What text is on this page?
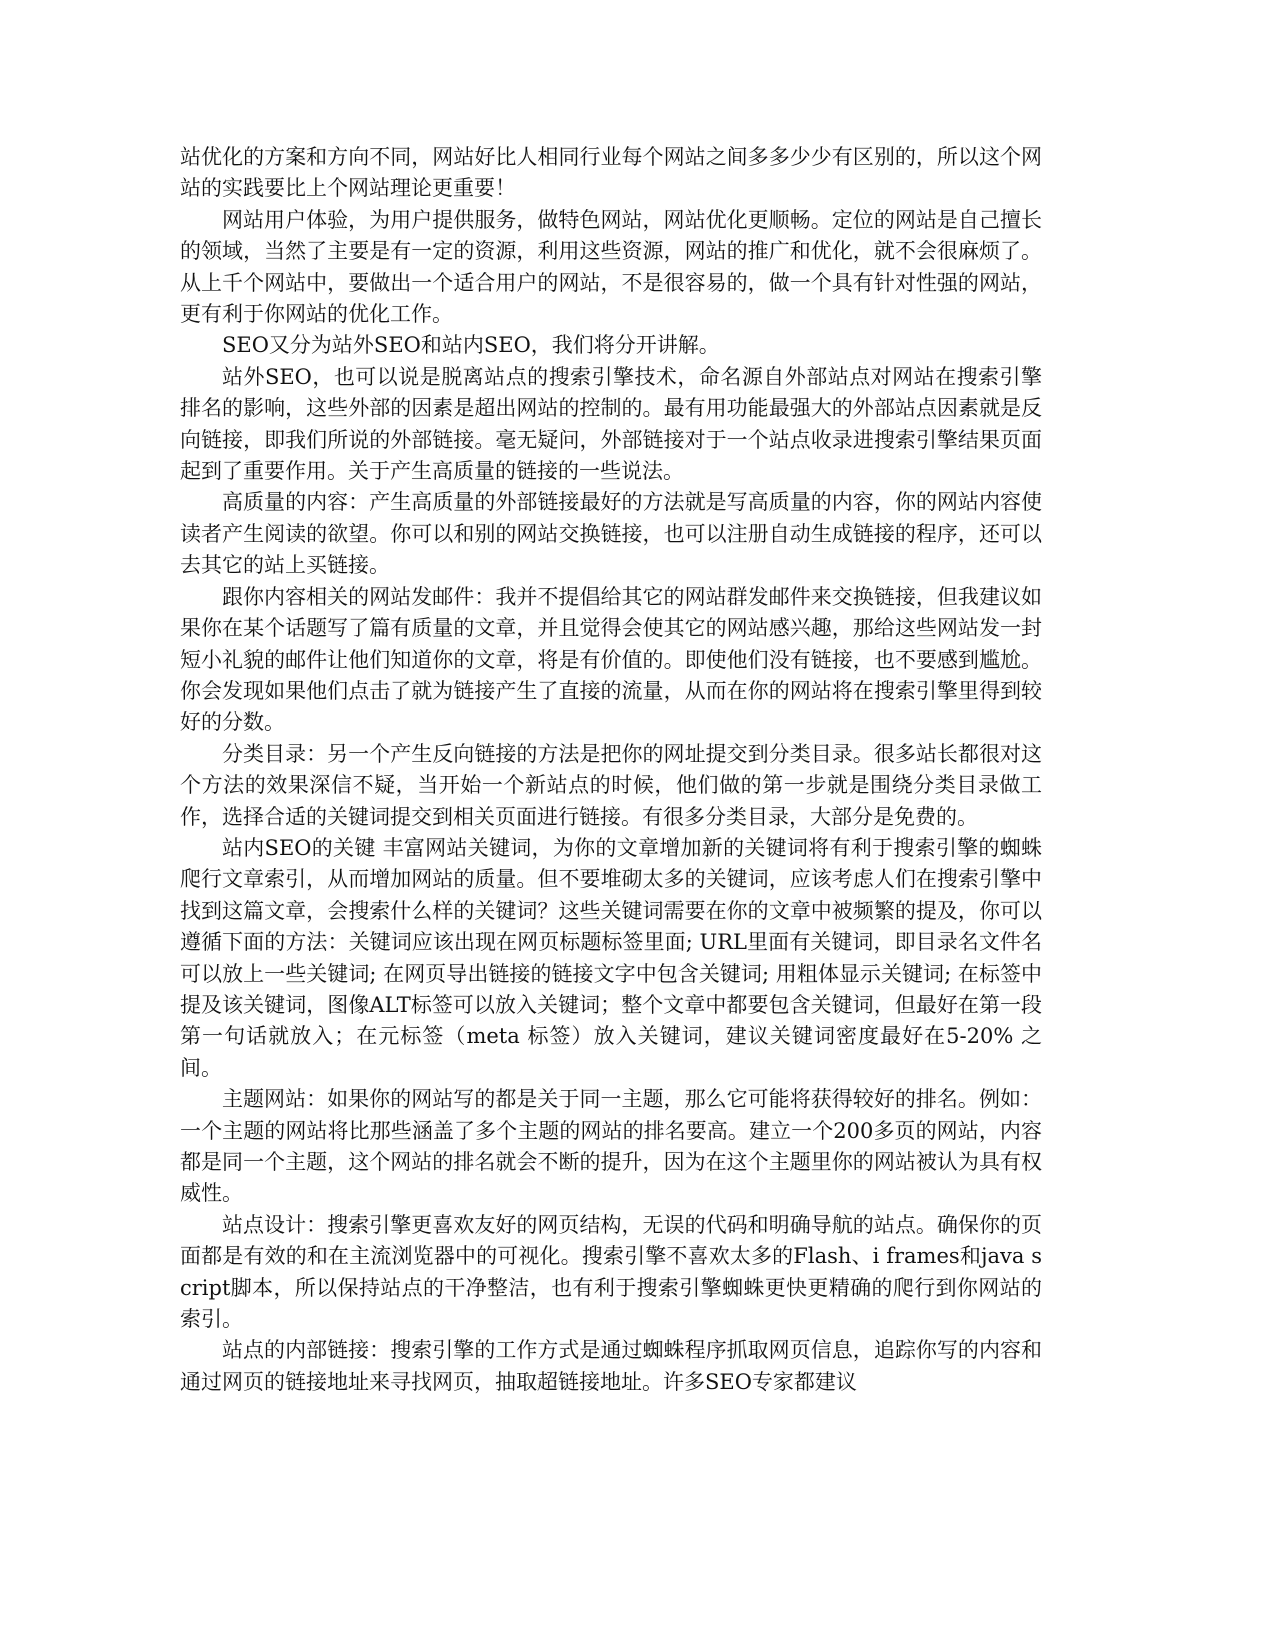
站优化的方案和方向不同，网站好比人相同行业每个网站之间多多少少有区别的，所以这个网站的实践要比上个网站理论更重要！

网站用户体验，为用户提供服务，做特色网站，网站优化更顺畅。定位的网站是自己擅长的领域，当然了主要是有一定的资源，利用这些资源，网站的推广和优化，就不会很麻烦了。从上千个网站中，要做出一个适合用户的网站，不是很容易的，做一个具有针对性强的网站，更有利于你网站的优化工作。

SEO又分为站外SEO和站内SEO，我们将分开讲解。

站外SEO，也可以说是脱离站点的搜索引擎技术，命名源自外部站点对网站在搜索引擎排名的影响，这些外部的因素是超出网站的控制的。最有用功能最强大的外部站点因素就是反向链接，即我们所说的外部链接。毫无疑问，外部链接对于一个站点收录进搜索引擎结果页面起到了重要作用。关于产生高质量的链接的一些说法。

高质量的内容：产生高质量的外部链接最好的方法就是写高质量的内容，你的网站内容使读者产生阅读的欲望。你可以和别的网站交换链接，也可以注册自动生成链接的程序，还可以去其它的站上买链接。

跟你内容相关的网站发邮件：我并不提倡给其它的网站群发邮件来交换链接，但我建议如果你在某个话题写了篇有质量的文章，并且觉得会使其它的网站感兴趣，那给这些网站发一封短小礼貌的邮件让他们知道你的文章，将是有价值的。即使他们没有链接，也不要感到尴尬。你会发现如果他们点击了就为链接产生了直接的流量，从而在你的网站将在搜索引擎里得到较好的分数。

分类目录：另一个产生反向链接的方法是把你的网址提交到分类目录。很多站长都很对这个方法的效果深信不疑，当开始一个新站点的时候，他们做的第一步就是围绕分类目录做工作，选择合适的关键词提交到相关页面进行链接。有很多分类目录，大部分是免费的。

站内SEO的关键 丰富网站关键词，为你的文章增加新的关键词将有利于搜索引擎的蜘蛛爬行文章索引，从而增加网站的质量。但不要堆砌太多的关键词，应该考虑人们在搜索引擎中找到这篇文章，会搜索什么样的关键词？这些关键词需要在你的文章中被频繁的提及，你可以遵循下面的方法：关键词应该出现在网页标题标签里面; URL里面有关键词，即目录名文件名可以放上一些关键词; 在网页导出链接的链接文字中包含关键词; 用粗体显示关键词; 在标签中提及该关键词，图像ALT标签可以放入关键词；整个文章中都要包含关键词，但最好在第一段第一句话就放入；在元标签（meta 标签）放入关键词，建议关键词密度最好在5-20% 之间。

主题网站：如果你的网站写的都是关于同一主题，那么它可能将获得较好的排名。例如：一个主题的网站将比那些涵盖了多个主题的网站的排名要高。建立一个200多页的网站，内容都是同一个主题，这个网站的排名就会不断的提升，因为在这个主题里你的网站被认为具有权威性。

站点设计：搜索引擎更喜欢友好的网页结构，无误的代码和明确导航的站点。确保你的页面都是有效的和在主流浏览器中的可视化。搜索引擎不喜欢太多的Flash、i frames和java script脚本，所以保持站点的干净整洁，也有利于搜索引擎蜘蛛更快更精确的爬行到你网站的索引。

站点的内部链接：搜索引擎的工作方式是通过蜘蛛程序抓取网页信息，追踪你写的内容和通过网页的链接地址来寻找网页，抽取超链接地址。许多SEO专家都建议
